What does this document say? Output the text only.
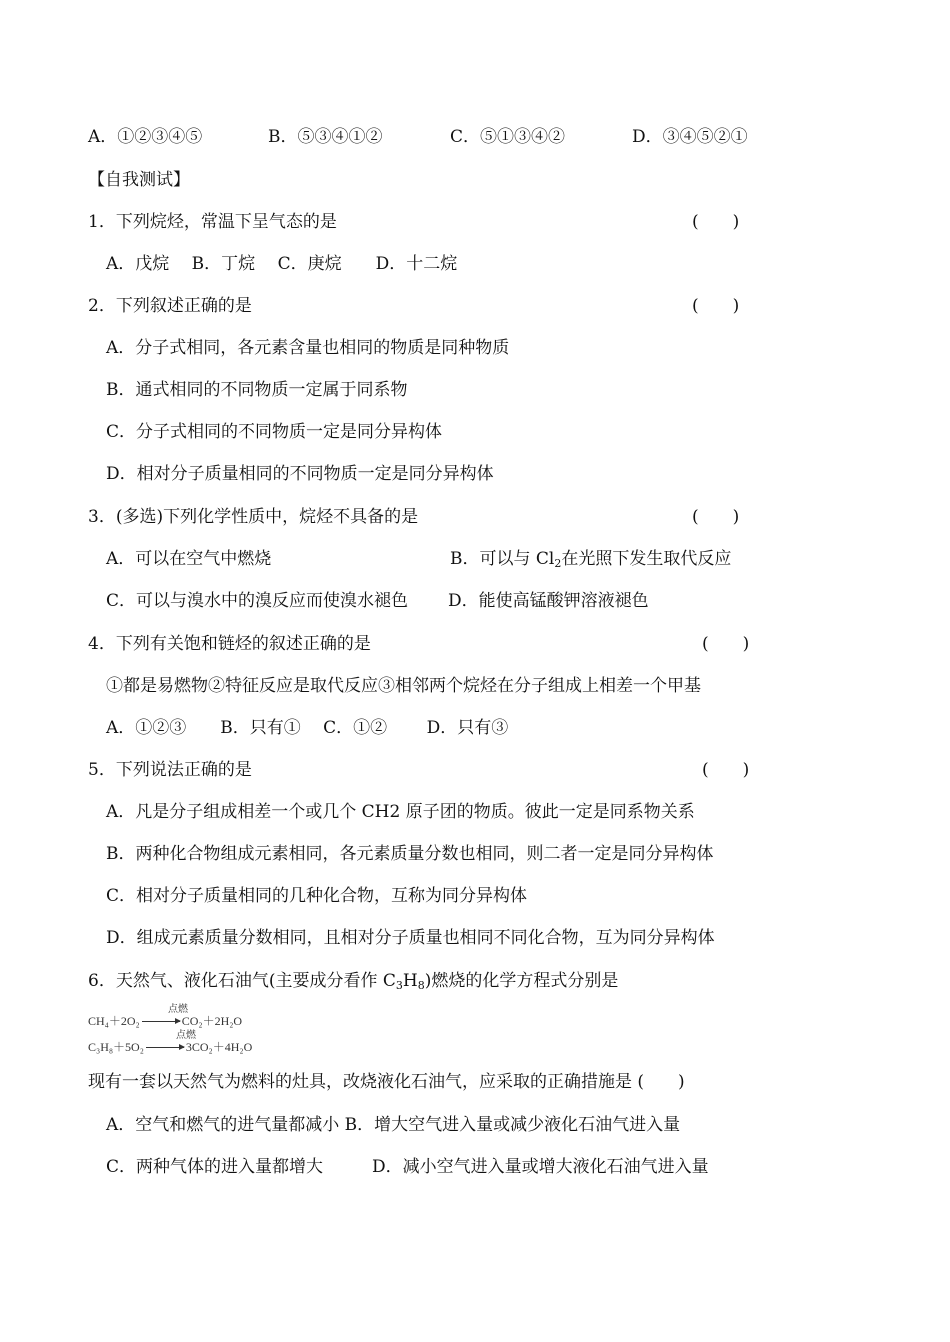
A．①②③④⑤	B．⑤③④①②	C．⑤①③④②	D．③④⑤②①
【自我测试】
1．下列烷烃，常温下呈气态的是	(　　)
A．戊烷　 B．丁烷　 C．庚烷　　D．十二烷
2．下列叙述正确的是	(　　)
A．分子式相同，各元素含量也相同的物质是同种物质
B．通式相同的不同物质一定属于同系物
C．分子式相同的不同物质一定是同分异构体
D．相对分子质量相同的不同物质一定是同分异构体
3．(多选)下列化学性质中，烷烃不具备的是	(　　)
A．可以在空气中燃烧	B．可以与 $Cl_2$在光照下发生取代反应
C．可以与溴水中的溴反应而使溴水褪色 D．能使高锰酸钾溶液褪色
4．下列有关饱和链烃的叙述正确的是	(　　)
①都是易燃物②特征反应是取代反应③相邻两个烷烃在分子组成上相差一个甲基
A．①②③　　B．只有①　 C．①②　　 D．只有③
5．下列说法正确的是	(　　)
A．凡是分子组成相差一个或几个 CH2 原子团的物质。彼此一定是同系物关系
B．两种化合物组成元素相同，各元素质量分数也相同，则二者一定是同分异构体
C．相对分子质量相同的几种化合物，互称为同分异构体
D．组成元素质量分数相同，且相对分子质量也相同不同化合物，互为同分异构体
6．天然气、液化石油气(主要成分看作 $C_3H_8$)燃烧的化学方程式分别是
点燃
CH₄＋2O₂ → CO₂＋2H₂O
点燃
C₃H₈＋5O₂ → 3CO₂＋4H₂O
现有一套以天然气为燃料的灶具，改烧液化石油气，应采取的正确措施是 (　　)
A．空气和燃气的进气量都减小 B．增大空气进入量或减少液化石油气进入量
C．两种气体的进入量都增大	D．减小空气进入量或增大液化石油气进入量
